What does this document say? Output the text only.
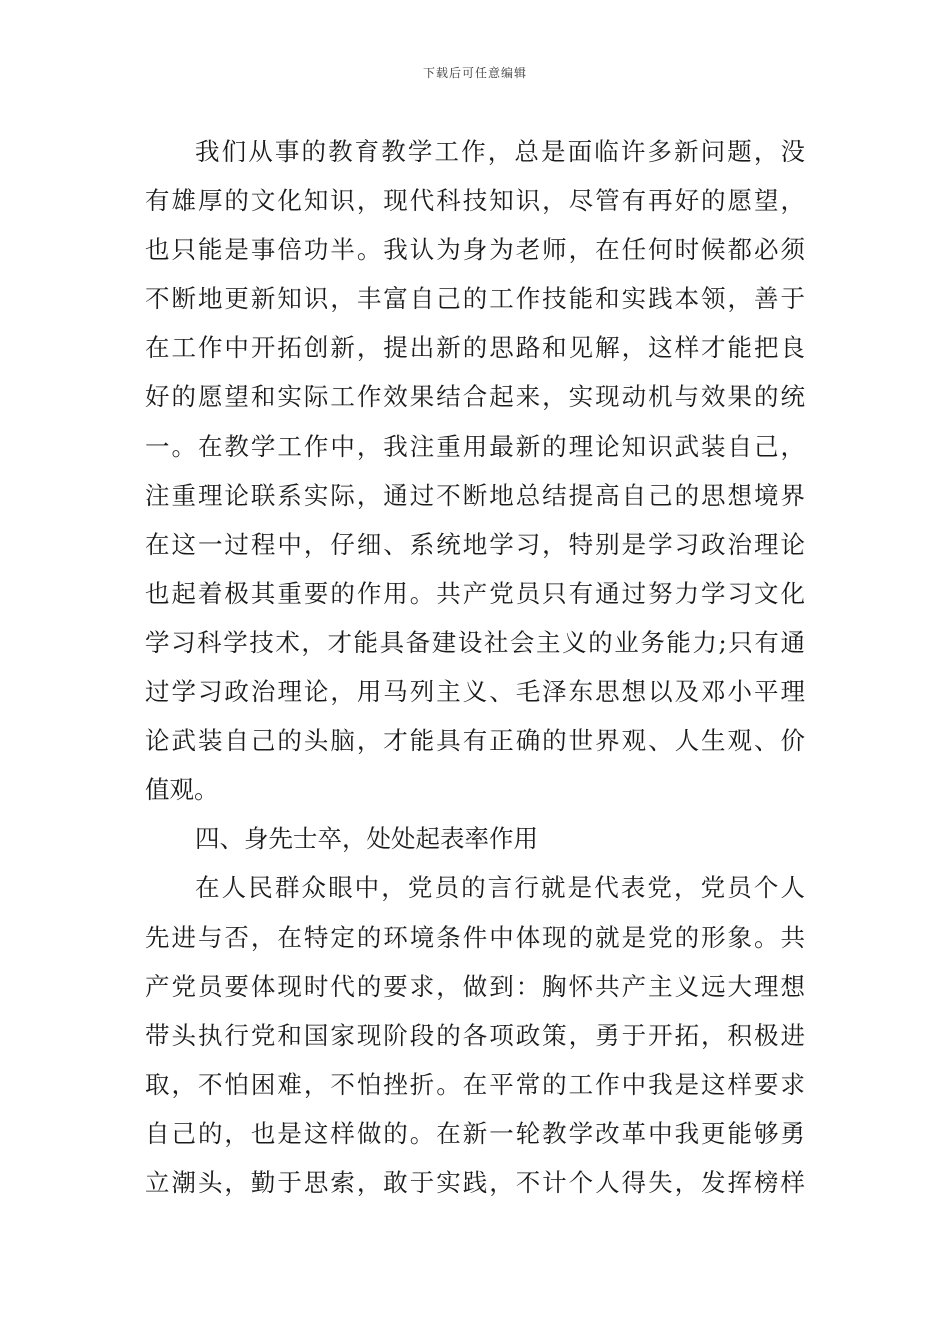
下载后可任意编辑
我们从事的教育教学工作，总是面临许多新问题，没
有雄厚的文化知识，现代科技知识，尽管有再好的愿望，
也只能是事倍功半。我认为身为老师，在任何时候都必须
不断地更新知识，丰富自己的工作技能和实践本领，善于
在工作中开拓创新，提出新的思路和见解，这样才能把良
好的愿望和实际工作效果结合起来，实现动机与效果的统
一。在教学工作中，我注重用最新的理论知识武装自己，
注重理论联系实际，通过不断地总结提高自己的思想境界
在这一过程中，仔细、系统地学习，特别是学习政治理论
也起着极其重要的作用。共产党员只有通过努力学习文化
学习科学技术，才能具备建设社会主义的业务能力;只有通
过学习政治理论，用马列主义、毛泽东思想以及邓小平理
论武装自己的头脑，才能具有正确的世界观、人生观、价
值观。
四、身先士卒，处处起表率作用
在人民群众眼中，党员的言行就是代表党，党员个人
先进与否，在特定的环境条件中体现的就是党的形象。共
产党员要体现时代的要求，做到：胸怀共产主义远大理想
带头执行党和国家现阶段的各项政策，勇于开拓，积极进
取，不怕困难，不怕挫折。在平常的工作中我是这样要求
自己的，也是这样做的。在新一轮教学改革中我更能够勇
立潮头，勤于思索，敢于实践，不计个人得失，发挥榜样
